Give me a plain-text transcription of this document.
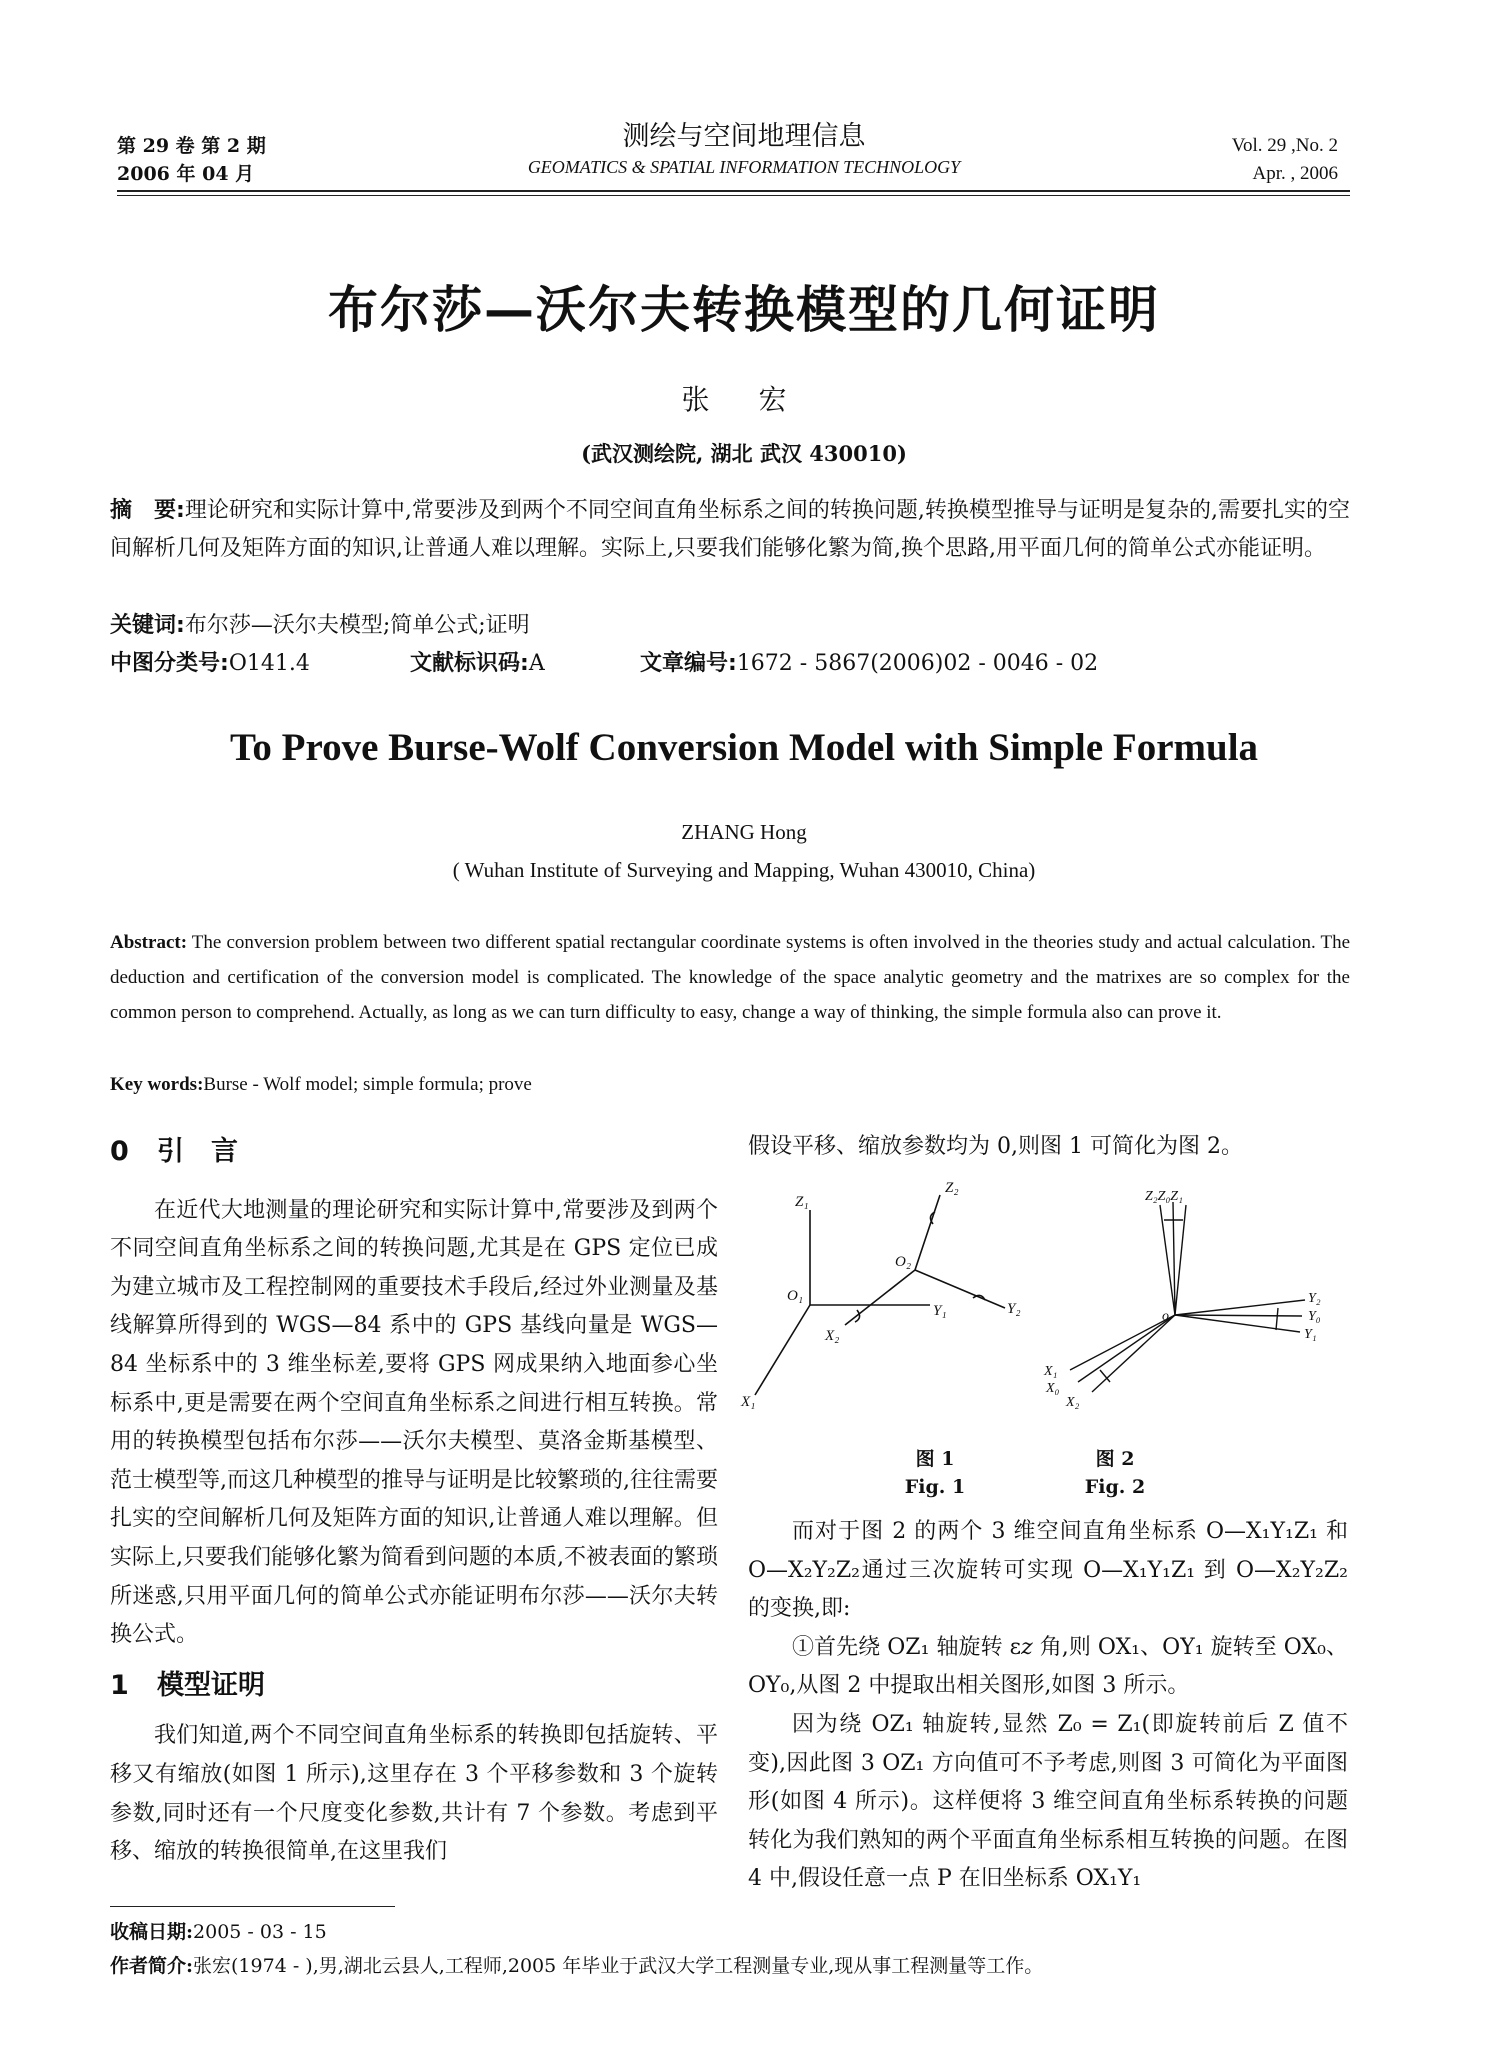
第 29 卷 第 2 期
2006 年 04 月
测绘与空间地理信息
GEOMATICS & SPATIAL INFORMATION TECHNOLOGY
Vol. 29 ,No. 2
Apr. , 2006
布尔莎—沃尔夫转换模型的几何证明
张 宏
(武汉测绘院, 湖北 武汉 430010)
摘　要:理论研究和实际计算中,常要涉及到两个不同空间直角坐标系之间的转换问题,转换模型推导与证明是复杂的,需要扎实的空间解析几何及矩阵方面的知识,让普通人难以理解。实际上,只要我们能够化繁为简,换个思路,用平面几何的简单公式亦能证明。
关键词:布尔莎—沃尔夫模型;简单公式;证明
中图分类号:O141.4	文献标识码:A	文章编号:1672 - 5867(2006)02 - 0046 - 02
To Prove Burse-Wolf Conversion Model with Simple Formula
ZHANG Hong
( Wuhan Institute of Surveying and Mapping, Wuhan 430010, China)
Abstract: The conversion problem between two different spatial rectangular coordinate systems is often involved in the theories study and actual calculation. The deduction and certification of the conversion model is complicated. The knowledge of the space analytic geometry and the matrixes are so complex for the common person to comprehend. Actually, as long as we can turn difficulty to easy, change a way of thinking, the simple formula also can prove it.
Key words:Burse - Wolf model; simple formula; prove
0 引　言

在近代大地测量的理论研究和实际计算中,常要涉及到两个不同空间直角坐标系之间的转换问题,尤其是在 GPS 定位已成为建立城市及工程控制网的重要技术手段后,经过外业测量及基线解算所得到的 WGS—84 系中的 GPS 基线向量是 WGS—84 坐标系中的 3 维坐标差,要将 GPS 网成果纳入地面参心坐标系中,更是需要在两个空间直角坐标系之间进行相互转换。常用的转换模型包括布尔莎——沃尔夫模型、莫洛金斯基模型、范士模型等,而这几种模型的推导与证明是比较繁琐的,往往需要扎实的空间解析几何及矩阵方面的知识,让普通人难以理解。但实际上,只要我们能够化繁为简看到问题的本质,不被表面的繁琐所迷惑,只用平面几何的简单公式亦能证明布尔莎——沃尔夫转换公式。

1 模型证明

我们知道,两个不同空间直角坐标系的转换即包括旋转、平移又有缩放(如图 1 所示),这里存在 3 个平移参数和 3 个旋转参数,同时还有一个尺度变化参数,共计有 7 个参数。考虑到平移、缩放的转换很简单,在这里我们

假设平移、缩放参数均为 0,则图 1 可简化为图 2。

Z₁
Z₂
O₁
O₂
Y₁	Y₂
X₁
X₂
Z₂Z₀Z₁
o
Y₂
Y₀
Y₁
X₁
X₀
X₂
图 1
Fig. 1
图 2
Fig. 2

而对于图 2 的两个 3 维空间直角坐标系 O—X₁Y₁Z₁ 和 O—X₂Y₂Z₂通过三次旋转可实现 O—X₁Y₁Z₁ 到 O—X₂Y₂Z₂ 的变换,即:

①首先绕 OZ₁ 轴旋转 ε𝑧 角,则 OX₁、OY₁ 旋转至 OX₀、OY₀,从图 2 中提取出相关图形,如图 3 所示。

因为绕 OZ₁ 轴旋转,显然 Z₀ = Z₁(即旋转前后 Z 值不变),因此图 3 OZ₁ 方向值可不予考虑,则图 3 可简化为平面图形(如图 4 所示)。这样便将 3 维空间直角坐标系转换的问题转化为我们熟知的两个平面直角坐标系相互转换的问题。在图 4 中,假设任意一点 P 在旧坐标系 OX₁Y₁

收稿日期:2005 - 03 - 15
作者简介:张宏(1974 - ),男,湖北云县人,工程师,2005 年毕业于武汉大学工程测量专业,现从事工程测量等工作。
